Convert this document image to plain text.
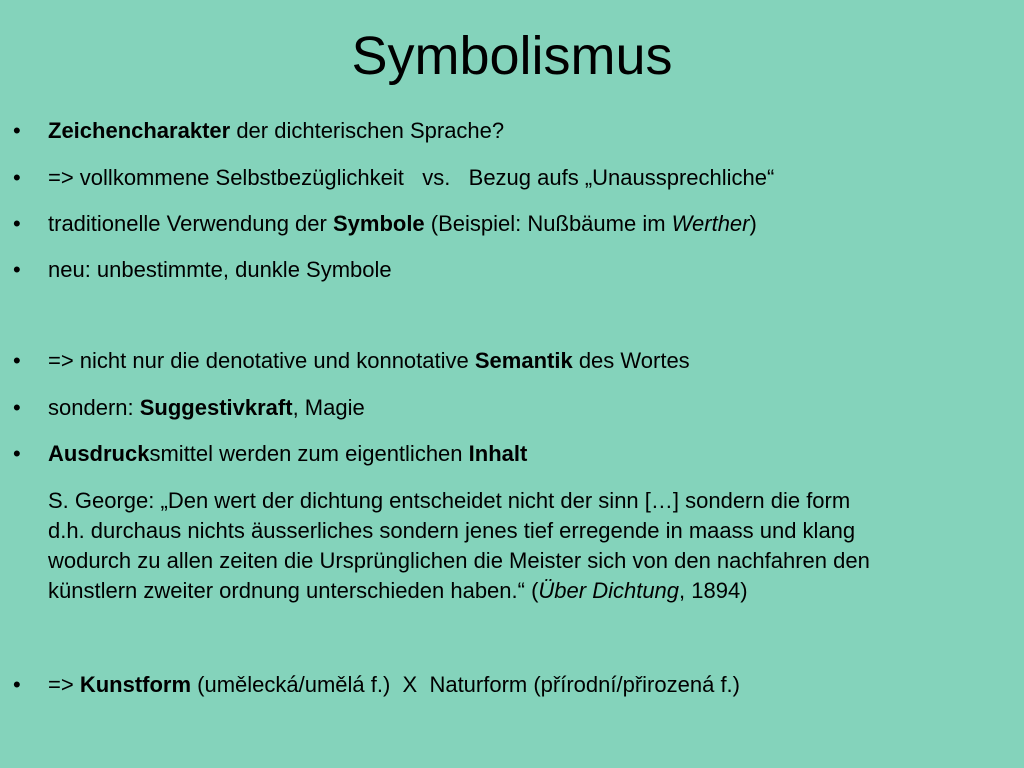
Symbolismus
• Zeichencharakter der dichterischen Sprache?
• => vollkommene Selbstbezüglichkeit   vs.   Bezug aufs „Unaussprechliche“
• traditionelle Verwendung der Symbole (Beispiel: Nußbäume im Werther)
• neu: unbestimmte, dunkle Symbole
• => nicht nur die denotative und konnotative Semantik des Wortes
• sondern: Suggestivkraft, Magie
• Ausdrucksmittel werden zum eigentlichen Inhalt
S. George: „Den wert der dichtung entscheidet nicht der sinn […] sondern die form
d.h. durchaus nichts äusserliches sondern jenes tief erregende in maass und klang
wodurch zu allen zeiten die Ursprünglichen die Meister sich von den nachfahren den
künstlern zweiter ordnung unterschieden haben.“ (Über Dichtung, 1894)
• => Kunstform (umělecká/umělá f.)  X  Naturform (přírodní/přirozená f.)
